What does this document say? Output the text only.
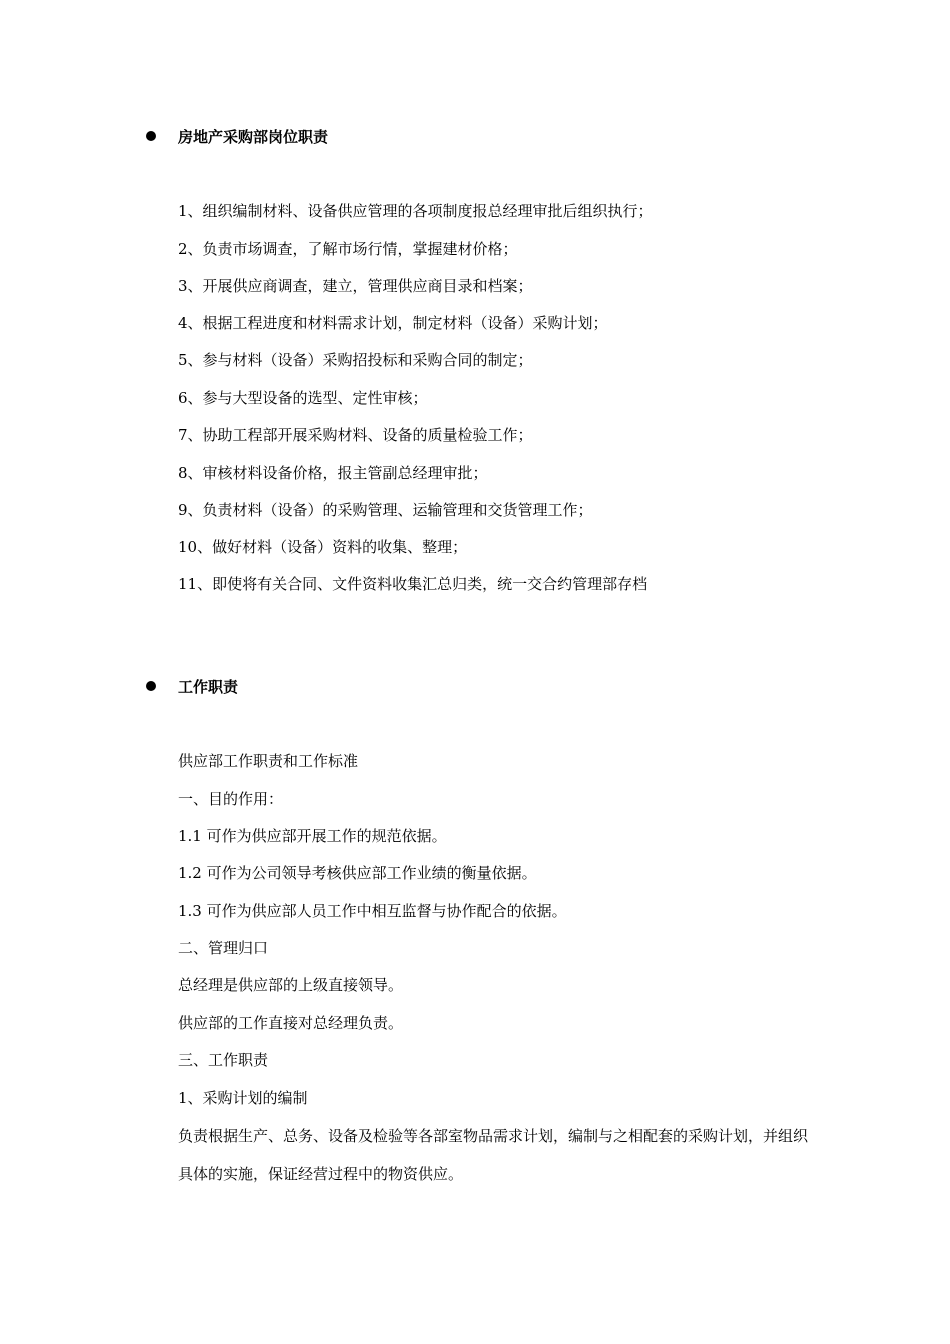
房地产采购部岗位职责
1、组织编制材料、设备供应管理的各项制度报总经理审批后组织执行；
2、负责市场调查，了解市场行情，掌握建材价格；
3、开展供应商调查，建立，管理供应商目录和档案；
4、根据工程进度和材料需求计划，制定材料（设备）采购计划；
5、参与材料（设备）采购招投标和采购合同的制定；
6、参与大型设备的选型、定性审核；
7、协助工程部开展采购材料、设备的质量检验工作；
8、审核材料设备价格，报主管副总经理审批；
9、负责材料（设备）的采购管理、运输管理和交货管理工作；
10、做好材料（设备）资料的收集、整理；
11、即使将有关合同、文件资料收集汇总归类，统一交合约管理部存档
工作职责
供应部工作职责和工作标准
一、目的作用：
1.1 可作为供应部开展工作的规范依据。
1.2 可作为公司领导考核供应部工作业绩的衡量依据。
1.3 可作为供应部人员工作中相互监督与协作配合的依据。
二、管理归口
总经理是供应部的上级直接领导。
供应部的工作直接对总经理负责。
三、工作职责
1、采购计划的编制
负责根据生产、总务、设备及检验等各部室物品需求计划，编制与之相配套的采购计划，并组织具体的实施，保证经营过程中的物资供应。
